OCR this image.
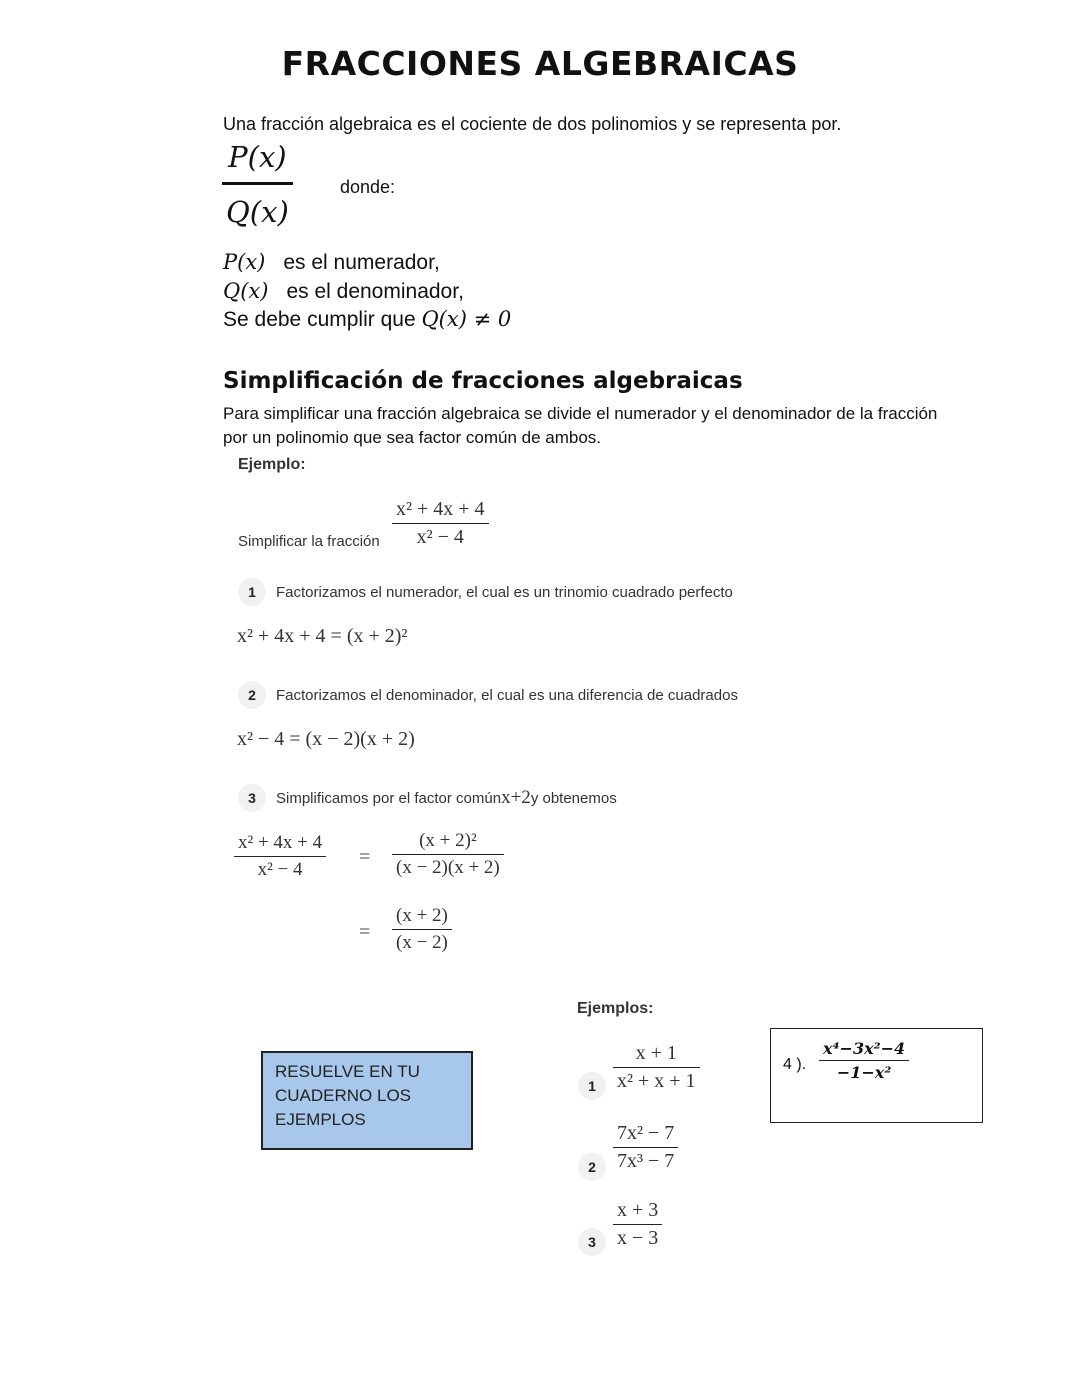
FRACCIONES ALGEBRAICAS
Una fracción algebraica es el cociente de dos polinomios y se representa por.
P(x)
Q(x)
donde:
P(x) es el numerador,
Q(x) es el denominador,
Se debe cumplir que Q(x) ≠ 0
Simplificación de fracciones algebraicas
Para simplificar una fracción algebraica se divide el numerador y el denominador de la fracción por un polinomio que sea factor común de ambos.
Ejemplo:
Simplificar la fracción
x² + 4x + 4
x² − 4
1	Factorizamos el numerador, el cual es un trinomio cuadrado perfecto
x² + 4x + 4 = (x + 2)²
2	Factorizamos el denominador, el cual es una diferencia de cuadrados
x² − 4 = (x − 2)(x + 2)
3	Simplificamos por el factor común x+2 y obtenemos
x² + 4x + 4
x² − 4
=
(x + 2)²
(x − 2)(x + 2)
=
(x + 2)
(x − 2)
Ejemplos:
RESUELVE EN TU CUADERNO LOS EJEMPLOS
4 ).
x⁴−3x²−4
−1−x²
1
x + 1
x² + x + 1
2
7x² − 7
7x³ − 7
3
x + 3
x − 3
